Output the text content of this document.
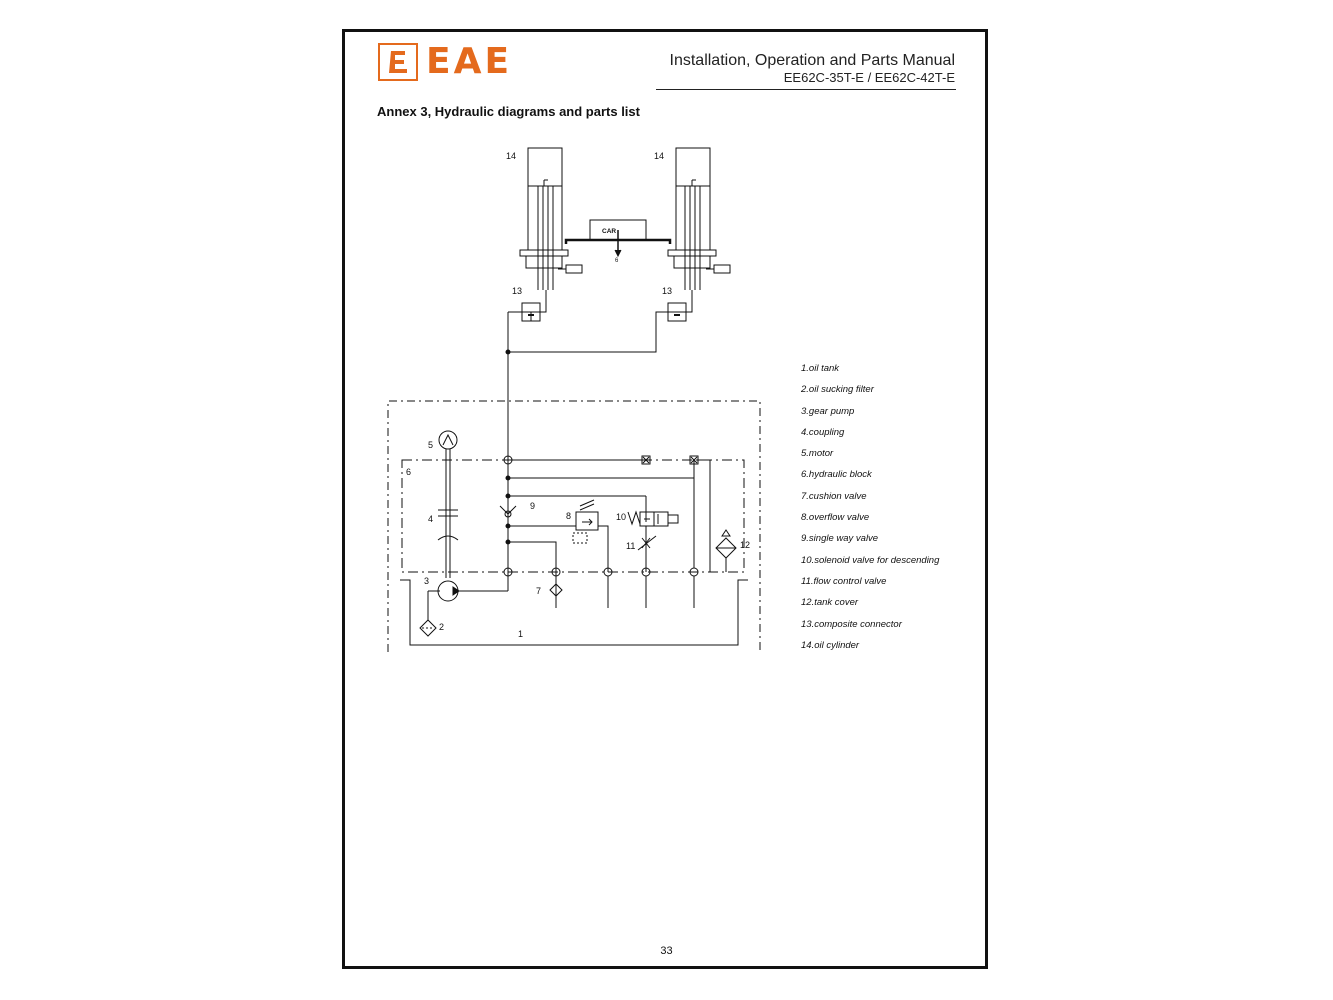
EAE	Installation, Operation and Parts Manual
EE62C-35T-E / EE62C-42T-E
Annex 3, Hydraulic diagrams and parts list
14	14
13	13
CAR
6
1
2
3
4
5
6
7
8
9
10
11	12
1.oil tank
2.oil sucking filter
3.gear pump
4.coupling
5.motor
6.hydraulic block
7.cushion valve
8.overflow valve
9.single way valve
10.solenoid valve for descending
11.flow control valve
12.tank cover
13.composite connector
14.oil cylinder
33
